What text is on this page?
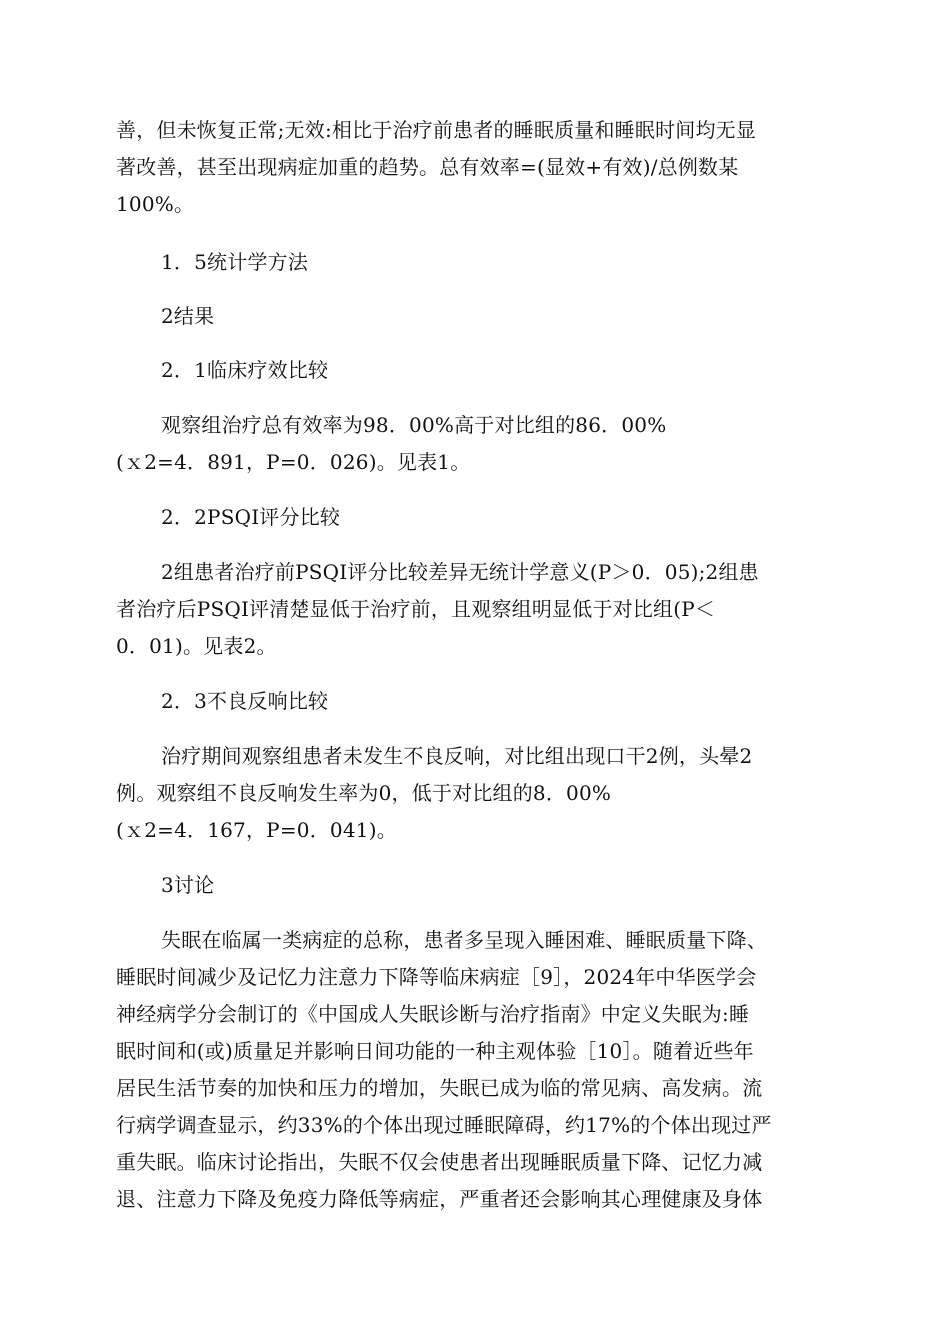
善，但未恢复正常;无效:相比于治疗前患者的睡眠质量和睡眠时间均无显
著改善，甚至出现病症加重的趋势。总有效率=(显效+有效)/总例数某
100%。
1．5统计学方法
2结果
2．1临床疗效比较
观察组治疗总有效率为98．00%高于对比组的86．00%
(ｘ2=4．891，P=0．026)。见表1。
2．2PSQI评分比较
2组患者治疗前PSQI评分比较差异无统计学意义(P＞0．05);2组患
者治疗后PSQI评清楚显低于治疗前，且观察组明显低于对比组(P＜
0．01)。见表2。
2．3不良反响比较
治疗期间观察组患者未发生不良反响，对比组出现口干2例，头晕2
例。观察组不良反响发生率为0，低于对比组的8．00%
(ｘ2=4．167，P=0．041)。
3讨论
失眠在临属一类病症的总称，患者多呈现入睡困难、睡眠质量下降、
睡眠时间减少及记忆力注意力下降等临床病症［9］，2024年中华医学会
神经病学分会制订的《中国成人失眠诊断与治疗指南》中定义失眠为:睡
眠时间和(或)质量足并影响日间功能的一种主观体验［10］。随着近些年
居民生活节奏的加快和压力的增加，失眠已成为临的常见病、高发病。流
行病学调查显示，约33%的个体出现过睡眠障碍，约17%的个体出现过严
重失眠。临床讨论指出，失眠不仅会使患者出现睡眠质量下降、记忆力减
退、注意力下降及免疫力降低等病症，严重者还会影响其心理健康及身体
